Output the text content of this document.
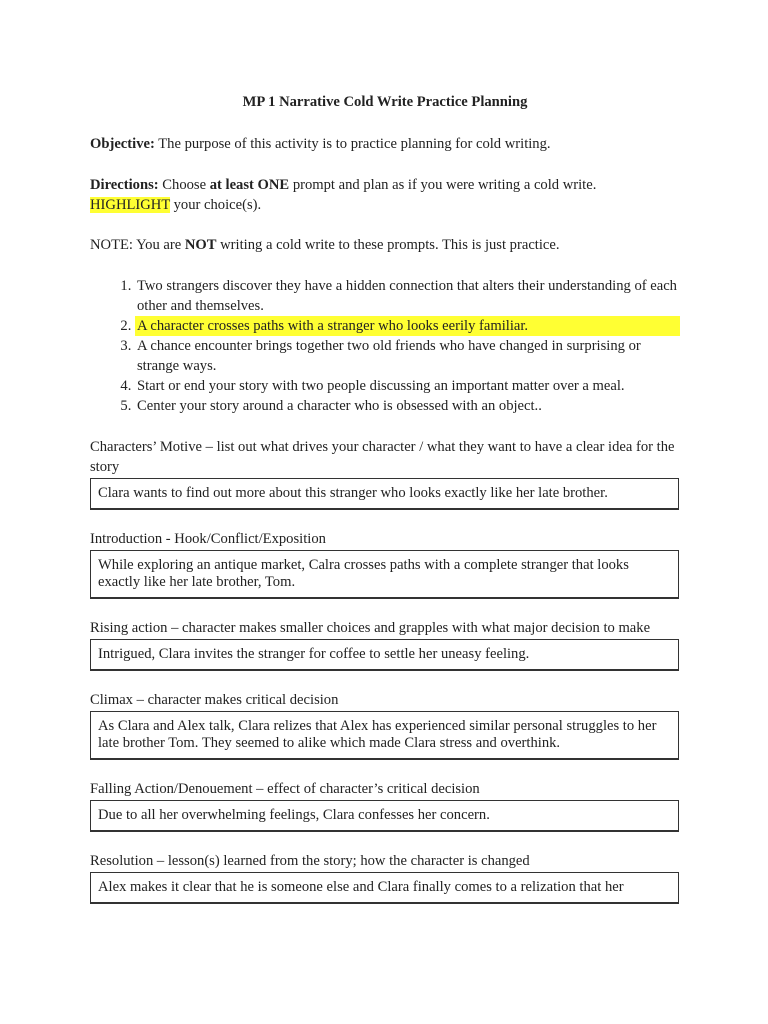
MP 1 Narrative Cold Write Practice Planning

Objective: The purpose of this activity is to practice planning for cold writing.

Directions: Choose at least ONE prompt and plan as if you were writing a cold write.
HIGHLIGHT your choice(s).

NOTE: You are NOT writing a cold write to these prompts. This is just practice.

1. Two strangers discover they have a hidden connection that alters their understanding of each other and themselves.
2. A character crosses paths with a stranger who looks eerily familiar.
3. A chance encounter brings together two old friends who have changed in surprising or strange ways.
4. Start or end your story with two people discussing an important matter over a meal.
5. Center your story around a character who is obsessed with an object..

Characters’ Motive – list out what drives your character / what they want to have a clear idea for the story

Clara wants to find out more about this stranger who looks exactly like her late brother.

Introduction - Hook/Conflict/Exposition

While exploring an antique market, Calra crosses paths with a complete stranger that looks exactly like her late brother, Tom.

Rising action – character makes smaller choices and grapples with what major decision to make

Intrigued, Clara invites the stranger for coffee to settle her uneasy feeling.

Climax – character makes critical decision

As Clara and Alex talk, Clara relizes that Alex has experienced similar personal struggles to her late brother Tom. They seemed to alike which made Clara stress and overthink.

Falling Action/Denouement – effect of character’s critical decision

Due to all her overwhelming feelings, Clara confesses her concern.

Resolution – lesson(s) learned from the story; how the character is changed

Alex makes it clear that he is someone else and Clara finally comes to a relization that her
